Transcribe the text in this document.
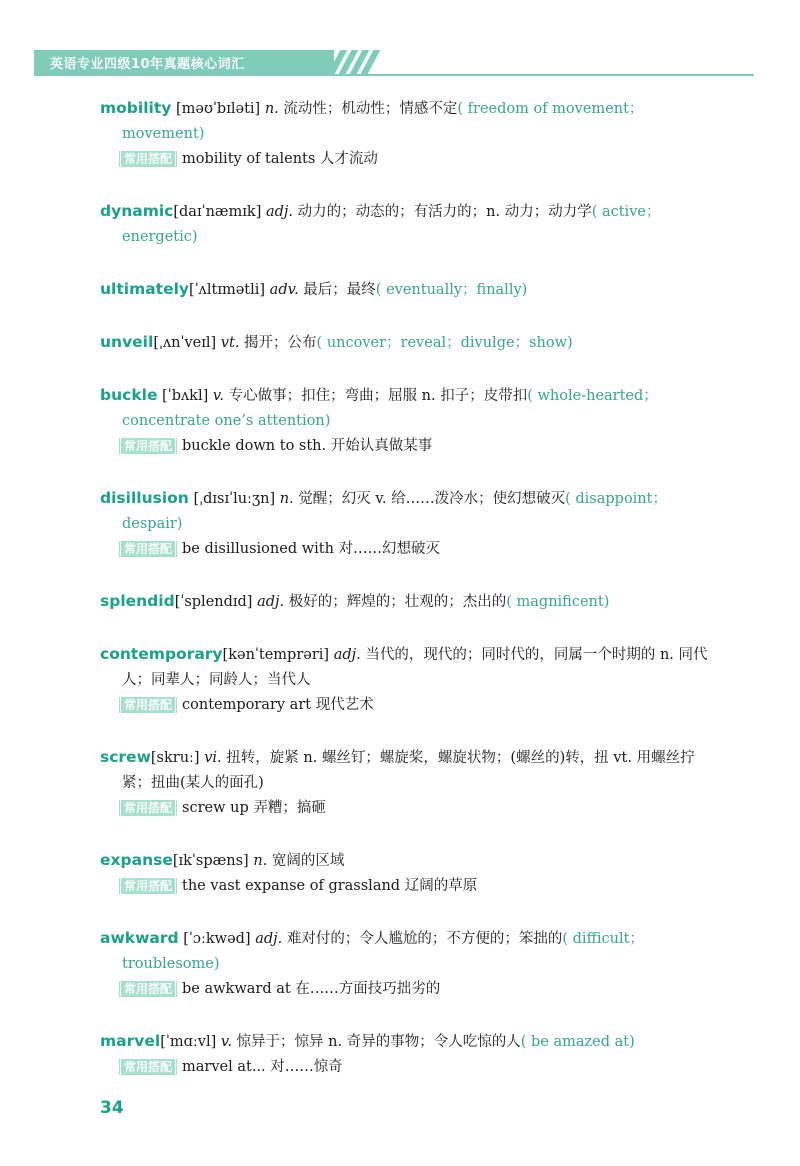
英语专业四级10年真题核心词汇
mobility [məʊˈbɪləti] n. 流动性；机动性；情感不定( freedom of movement；movement)
常用搭配 mobility of talents 人才流动
dynamic[daɪˈnæmɪk] adj. 动力的；动态的；有活力的；n. 动力；动力学( active；energetic)
ultimately[ˈʌltɪmətli] adv. 最后；最终( eventually；finally)
unveil[ˌʌnˈveɪl] vt. 揭开；公布( uncover；reveal；divulge；show)
buckle [ˈbʌkl] v. 专心做事；扣住；弯曲；屈服 n. 扣子；皮带扣( whole-hearted；concentrate one’s attention)
常用搭配 buckle down to sth. 开始认真做某事
disillusion [ˌdɪsɪˈluːʒn] n. 觉醒；幻灭 v. 给……泼冷水；使幻想破灭( disappoint；despair)
常用搭配 be disillusioned with 对……幻想破灭
splendid[ˈsplendɪd] adj. 极好的；辉煌的；壮观的；杰出的( magnificent)
contemporary[kənˈtemprəri] adj. 当代的，现代的；同时代的，同属一个时期的 n. 同代人；同辈人；同龄人；当代人
常用搭配 contemporary art 现代艺术
screw[skruː] vi. 扭转，旋紧 n. 螺丝钉；螺旋桨，螺旋状物；(螺丝的)转，扭 vt. 用螺丝拧紧；扭曲(某人的面孔)
常用搭配 screw up 弄糟；搞砸
expanse[ɪkˈspæns] n. 宽阔的区域
常用搭配 the vast expanse of grassland 辽阔的草原
awkward [ˈɔːkwəd] adj. 难对付的；令人尴尬的；不方便的；笨拙的( difficult；troublesome)
常用搭配 be awkward at 在……方面技巧拙劣的
marvel[ˈmɑːvl] v. 惊异于；惊异 n. 奇异的事物；令人吃惊的人( be amazed at)
常用搭配 marvel at... 对……惊奇
34
